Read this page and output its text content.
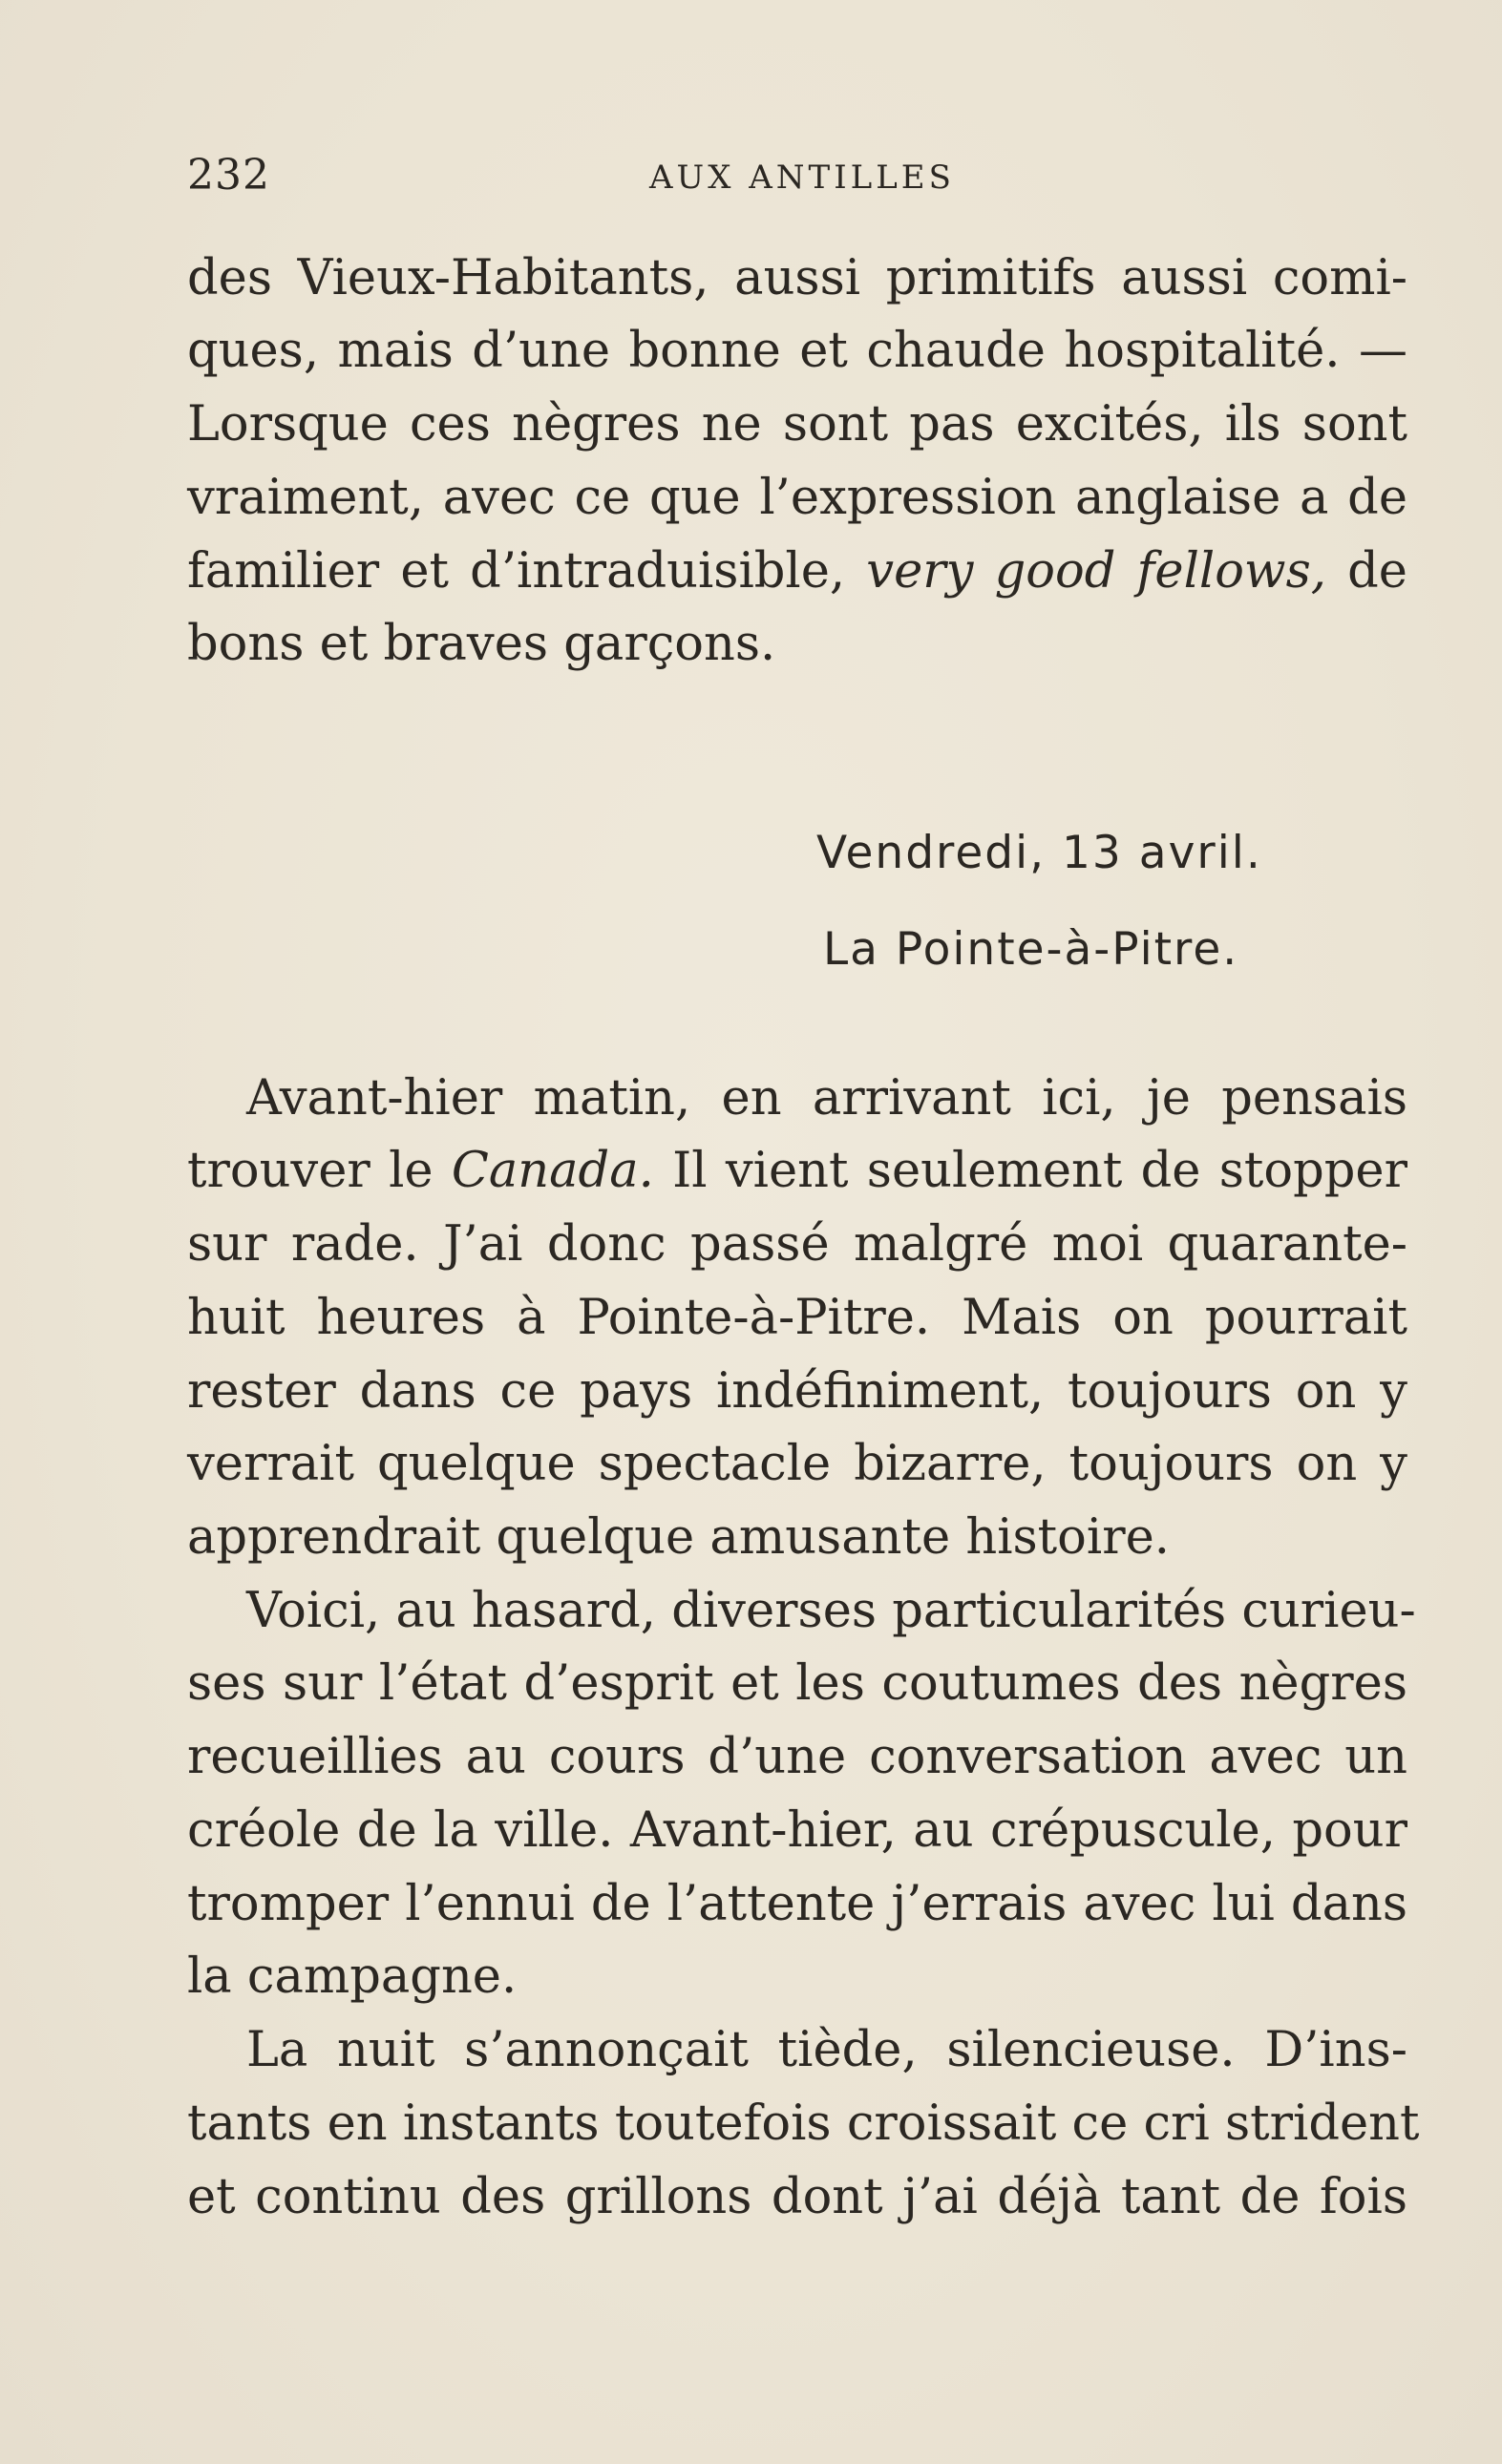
232	AUX ANTILLES
des Vieux-Habitants, aussi primitifs aussi comi-
ques, mais d’une bonne et chaude hospitalité. —
Lorsque ces nègres ne sont pas excités, ils sont
vraiment, avec ce que l’expression anglaise a de
familier et d’intraduisible, very good fellows, de
bons et braves garçons.
Vendredi, 13 avril.
La Pointe-à-Pitre.
Avant-hier matin, en arrivant ici, je pensais
trouver le Canada. Il vient seulement de stopper
sur rade. J’ai donc passé malgré moi quarante-
huit heures à Pointe-à-Pitre. Mais on pourrait
rester dans ce pays indéfiniment, toujours on y
verrait quelque spectacle bizarre, toujours on y
apprendrait quelque amusante histoire.
Voici, au hasard, diverses particularités curieu-
ses sur l’état d’esprit et les coutumes des nègres
recueillies au cours d’une conversation avec un
créole de la ville. Avant-hier, au crépuscule, pour
tromper l’ennui de l’attente j’errais avec lui dans
la campagne.
La nuit s’annonçait tiède, silencieuse. D’ins-
tants en instants toutefois croissait ce cri strident
et continu des grillons dont j’ai déjà tant de fois
